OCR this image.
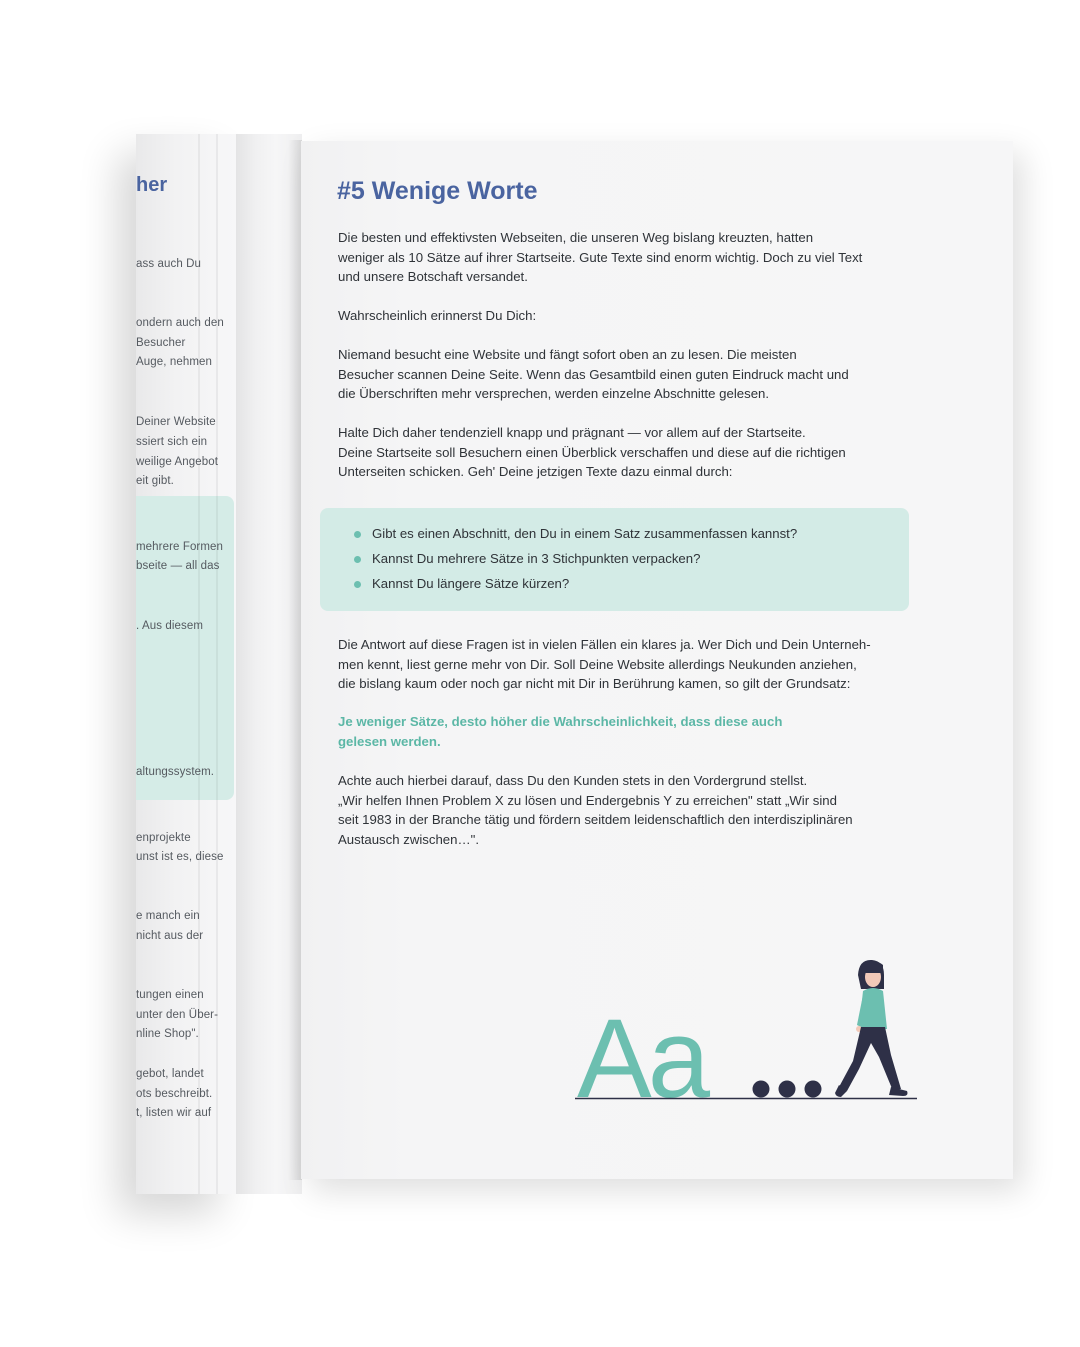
her
ass auch Du
ondern auch den
Besucher
Auge, nehmen
Deiner Website
ssiert sich ein
weilige Angebot
eit gibt.
mehrere Formen
bseite — all das
. Aus diesem
altungssystem.
enprojekte
unst ist es, diese
e manch ein
nicht aus der
tungen einen
unter den Über-
nline Shop".
gebot, landet
ots beschreibt.
t, listen wir auf
#5 Wenige Worte
Die besten und effektivsten Webseiten, die unseren Weg bislang kreuzten, hatten
weniger als 10 Sätze auf ihrer Startseite. Gute Texte sind enorm wichtig. Doch zu viel Text
und unsere Botschaft versandet.
Wahrscheinlich erinnerst Du Dich:
Niemand besucht eine Website und fängt sofort oben an zu lesen. Die meisten
Besucher scannen Deine Seite. Wenn das Gesamtbild einen guten Eindruck macht und
die Überschriften mehr versprechen, werden einzelne Abschnitte gelesen.
Halte Dich daher tendenziell knapp und prägnant — vor allem auf der Startseite.
Deine Startseite soll Besuchern einen Überblick verschaffen und diese auf die richtigen
Unterseiten schicken. Geh' Deine jetzigen Texte dazu einmal durch:
Gibt es einen Abschnitt, den Du in einem Satz zusammenfassen kannst?
Kannst Du mehrere Sätze in 3 Stichpunkten verpacken?
Kannst Du längere Sätze kürzen?
Die Antwort auf diese Fragen ist in vielen Fällen ein klares ja. Wer Dich und Dein Unterneh-
men kennt, liest gerne mehr von Dir. Soll Deine Website allerdings Neukunden anziehen,
die bislang kaum oder noch gar nicht mit Dir in Berührung kamen, so gilt der Grundsatz:
Je weniger Sätze, desto höher die Wahrscheinlichkeit, dass diese auch
gelesen werden.
Achte auch hierbei darauf, dass Du den Kunden stets in den Vordergrund stellst.
„Wir helfen Ihnen Problem X zu lösen und Endergebnis Y zu erreichen" statt „Wir sind
seit 1983 in der Branche tätig und fördern seitdem leidenschaftlich den interdisziplinären
Austausch zwischen…".
Aa
